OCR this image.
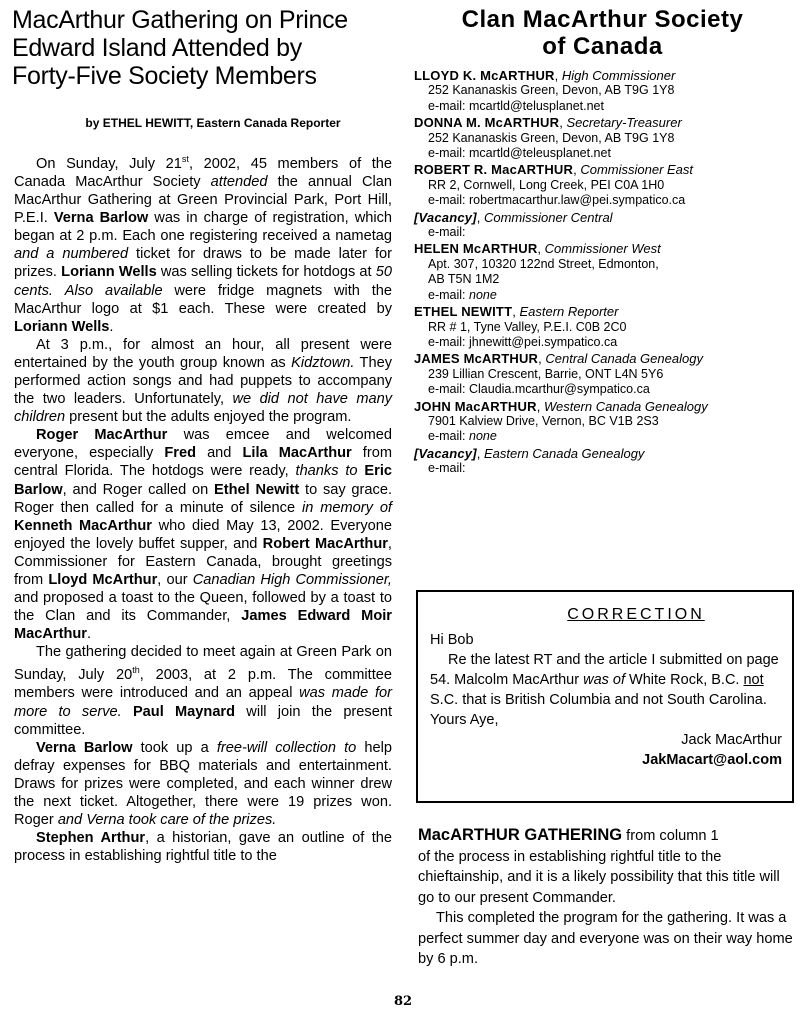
MacArthur Gathering on Prince
Edward Island Attended by
Forty-Five Society Members
by ETHEL HEWITT, Eastern Canada Reporter

On Sunday, July 21st, 2002, 45 members of the Canada MacArthur Society attended the annual Clan MacArthur Gathering at Green Provincial Park, Port Hill, P.E.I. Verna Barlow was in charge of registration, which began at 2 p.m. Each one registering received a nametag and a numbered ticket for draws to be made later for prizes. Loriann Wells was selling tickets for hotdogs at 50 cents. Also available were fridge magnets with the MacArthur logo at $1 each. These were created by Loriann Wells.

At 3 p.m., for almost an hour, all present were entertained by the youth group known as Kidztown. They performed action songs and had puppets to accompany the two leaders. Unfortunately, we did not have many children present but the adults enjoyed the program.

Roger MacArthur was emcee and welcomed everyone, especially Fred and Lila MacArthur from central Florida. The hotdogs were ready, thanks to Eric Barlow, and Roger called on Ethel Newitt to say grace. Roger then called for a minute of silence in memory of Kenneth MacArthur who died May 13, 2002. Everyone enjoyed the lovely buffet supper, and Robert MacArthur, Commissioner for Eastern Canada, brought greetings from Lloyd McArthur, our Canadian High Commissioner, and proposed a toast to the Queen, followed by a toast to the Clan and its Commander, James Edward Moir MacArthur.

The gathering decided to meet again at Green Park on Sunday, July 20th, 2003, at 2 p.m. The committee members were introduced and an appeal was made for more to serve. Paul Maynard will join the present committee.

Verna Barlow took up a free-will collection to help defray expenses for BBQ materials and entertainment. Draws for prizes were completed, and each winner drew the next ticket. Altogether, there were 19 prizes won. Roger and Verna took care of the prizes.

Stephen Arthur, a historian, gave an outline of the process in establishing rightful title to the

Clan MacArthur Society
of Canada
LLOYD K. McARTHUR, High Commissioner
252 Kananaskis Green, Devon, AB T9G 1Y8
e-mail: mcartld@telusplanet.net
DONNA M. McARTHUR, Secretary-Treasurer
252 Kananaskis Green, Devon, AB T9G 1Y8
e-mail: mcartld@teleusplanet.net
ROBERT R. MacARTHUR, Commissioner East
RR 2, Cornwell, Long Creek, PEI C0A 1H0
e-mail: robertmacarthur.law@pei.sympatico.ca
[Vacancy], Commissioner Central
e-mail:
HELEN McARTHUR, Commissioner West
Apt. 307, 10320 122nd Street, Edmonton,
AB T5N 1M2
e-mail: none
ETHEL NEWITT, Eastern Reporter
RR # 1, Tyne Valley, P.E.I. C0B 2C0
e-mail: jhnewitt@pei.sympatico.ca
JAMES McARTHUR, Central Canada Genealogy
239 Lillian Crescent, Barrie, ONT L4N 5Y6
e-mail: Claudia.mcarthur@sympatico.ca
JOHN MacARTHUR, Western Canada Genealogy
7901 Kalview Drive, Vernon, BC V1B 2S3
e-mail: none
[Vacancy], Eastern Canada Genealogy
e-mail:
CORRECTION

Hi Bob

Re the latest RT and the article I submitted on page 54. Malcolm MacArthur was of White Rock, B.C. not S.C. that is British Columbia and not South Carolina. Yours Aye,

Jack MacArthur

JakMacart@aol.com

MacARTHUR GATHERING from column 1

of the process in establishing rightful title to the chieftainship, and it is a likely possibility that this title will go to our present Commander.

This completed the program for the gathering. It was a perfect summer day and everyone was on their way home by 6 p.m.

82
